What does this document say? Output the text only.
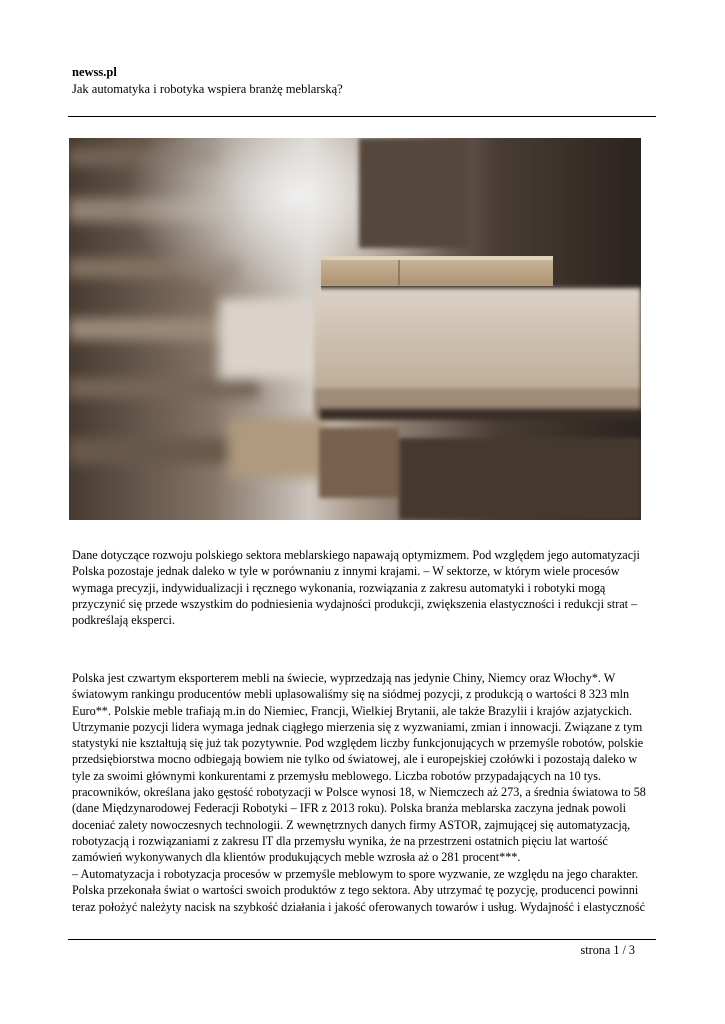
newss.pl
Jak automatyka i robotyka wspiera branżę meblarską?
Dane dotyczące rozwoju polskiego sektora meblarskiego napawają optymizmem. Pod względem jego automatyzacji Polska pozostaje jednak daleko w tyle w porównaniu z innymi krajami. – W sektorze, w którym wiele procesów wymaga precyzji, indywidualizacji i ręcznego wykonania, rozwiązania z zakresu automatyki i robotyki mogą przyczynić się przede wszystkim do podniesienia wydajności produkcji, zwiększenia elastyczności i redukcji strat – podkreślają eksperci.
Polska jest czwartym eksporterem mebli na świecie, wyprzedzają nas jedynie Chiny, Niemcy oraz Włochy*. W światowym rankingu producentów mebli uplasowaliśmy się na siódmej pozycji, z produkcją o wartości 8 323 mln Euro**. Polskie meble trafiają m.in do Niemiec, Francji, Wielkiej Brytanii, ale także Brazylii i krajów azjatyckich. Utrzymanie pozycji lidera wymaga jednak ciągłego mierzenia się z wyzwaniami, zmian i innowacji. Związane z tym statystyki nie kształtują się już tak pozytywnie. Pod względem liczby funkcjonujących w przemyśle robotów, polskie przedsiębiorstwa mocno odbiegają bowiem nie tylko od światowej, ale i europejskiej czołówki i pozostają daleko w tyle za swoimi głównymi konkurentami z przemysłu meblowego. Liczba robotów przypadających na 10 tys. pracowników, określana jako gęstość robotyzacji w Polsce wynosi 18, w Niemczech aż 273, a średnia światowa to 58 (dane Międzynarodowej Federacji Robotyki – IFR z 2013 roku). Polska branża meblarska zaczyna jednak powoli doceniać zalety nowoczesnych technologii. Z wewnętrznych danych firmy ASTOR, zajmującej się automatyzacją, robotyzacją i rozwiązaniami z zakresu IT dla przemysłu wynika, że na przestrzeni ostatnich pięciu lat wartość zamówień wykonywanych dla klientów produkujących meble wzrosła aż o 281 procent***.
– Automatyzacja i robotyzacja procesów w przemyśle meblowym to spore wyzwanie, ze względu na jego charakter. Polska przekonała świat o wartości swoich produktów z tego sektora. Aby utrzymać tę pozycję, producenci powinni teraz położyć należyty nacisk na szybkość działania i jakość oferowanych towarów i usług. Wydajność i elastyczność
strona 1 / 3
